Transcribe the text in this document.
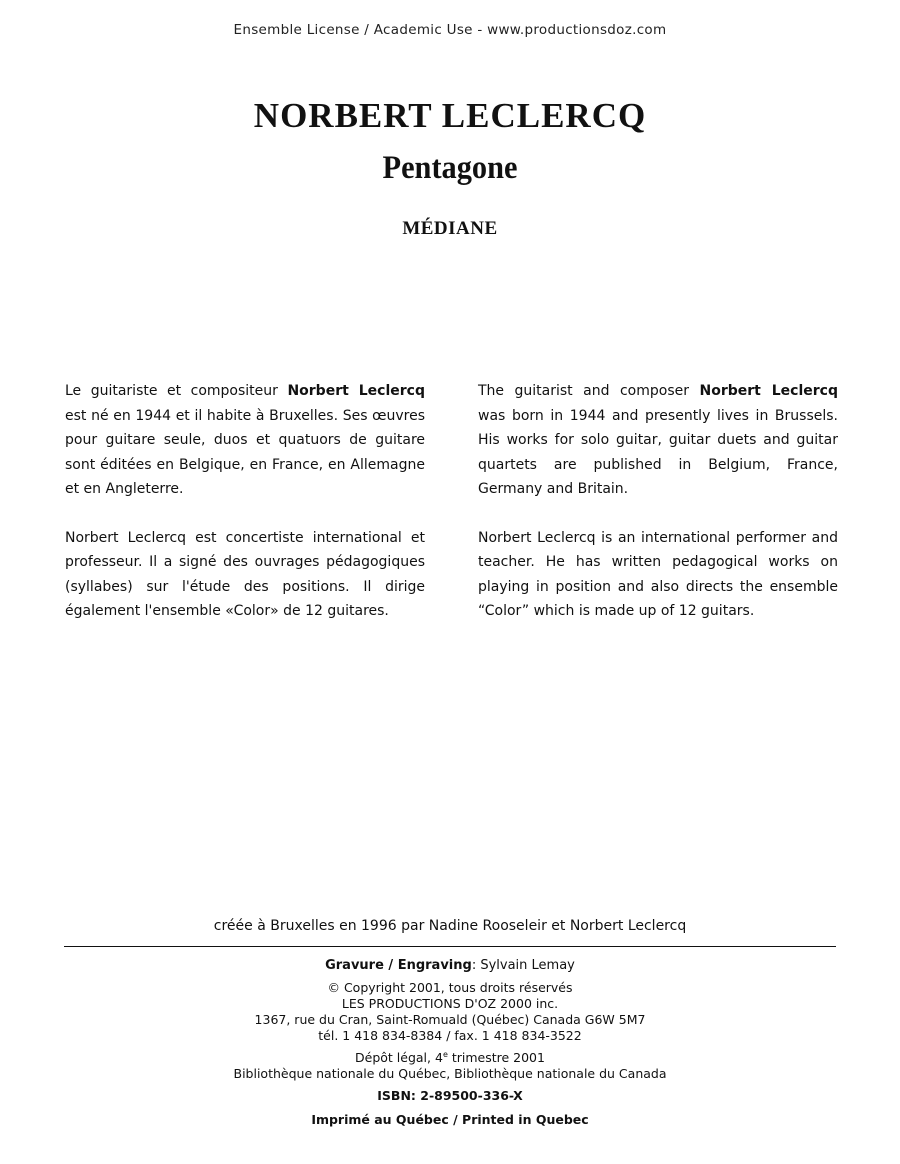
Ensemble License / Academic Use - www.productionsdoz.com
NORBERT LECLERCQ
Pentagone
MÉDIANE

Le guitariste et compositeur Norbert Leclercq est né en 1944 et il habite à Bruxelles. Ses œuvres pour guitare seule, duos et quatuors de guitare sont éditées en Belgique, en France, en Allemagne et en Angleterre.

Norbert Leclercq est concertiste international et professeur. Il a signé des ouvrages pédagogiques (syllabes) sur l'étude des positions. Il dirige également l'ensemble «Color» de 12 guitares.

The guitarist and composer Norbert Leclercq was born in 1944 and presently lives in Brussels. His works for solo guitar, guitar duets and guitar quartets are published in Belgium, France, Germany and Britain.

Norbert Leclercq is an international performer and teacher. He has written pedagogical works on playing in position and also directs the ensemble “Color” which is made up of 12 guitars.

créée à Bruxelles en 1996 par Nadine Rooseleir et Norbert Leclercq
Gravure / Engraving: Sylvain Lemay
© Copyright 2001, tous droits réservés
LES PRODUCTIONS D'OZ 2000 inc.
1367, rue du Cran, Saint-Romuald (Québec) Canada G6W 5M7
tél. 1 418 834-8384 / fax. 1 418 834-3522
Dépôt légal, 4e trimestre 2001
Bibliothèque nationale du Québec, Bibliothèque nationale du Canada
ISBN: 2-89500-336-X
Imprimé au Québec / Printed in Quebec
